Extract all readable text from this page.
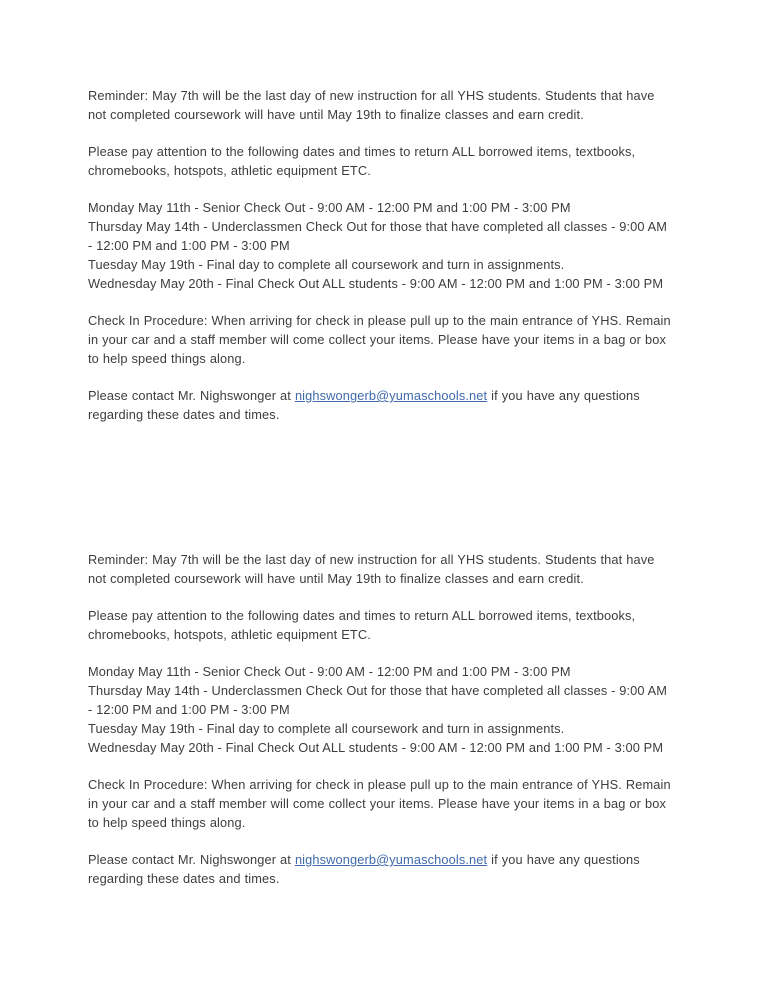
Reminder: May 7th will be the last day of new instruction for all YHS students. Students that have not completed coursework will have until May 19th to finalize classes and earn credit.

Please pay attention to the following dates and times to return ALL borrowed items, textbooks, chromebooks, hotspots, athletic equipment ETC.

Monday May 11th - Senior Check Out - 9:00 AM - 12:00 PM and 1:00 PM - 3:00 PM
Thursday May 14th - Underclassmen Check Out for those that have completed all classes - 9:00 AM - 12:00 PM and 1:00 PM - 3:00 PM
Tuesday May 19th - Final day to complete all coursework and turn in assignments.
Wednesday May 20th - Final Check Out ALL students - 9:00 AM - 12:00 PM and 1:00 PM - 3:00 PM

Check In Procedure: When arriving for check in please pull up to the main entrance of YHS. Remain in your car and a staff member will come collect your items. Please have your items in a bag or box to help speed things along.

Please contact Mr. Nighswonger at nighswongerb@yumaschools.net if you have any questions regarding these dates and times.

Reminder: May 7th will be the last day of new instruction for all YHS students. Students that have not completed coursework will have until May 19th to finalize classes and earn credit.

Please pay attention to the following dates and times to return ALL borrowed items, textbooks, chromebooks, hotspots, athletic equipment ETC.

Monday May 11th - Senior Check Out - 9:00 AM - 12:00 PM and 1:00 PM - 3:00 PM
Thursday May 14th - Underclassmen Check Out for those that have completed all classes - 9:00 AM - 12:00 PM and 1:00 PM - 3:00 PM
Tuesday May 19th - Final day to complete all coursework and turn in assignments.
Wednesday May 20th - Final Check Out ALL students - 9:00 AM - 12:00 PM and 1:00 PM - 3:00 PM

Check In Procedure: When arriving for check in please pull up to the main entrance of YHS. Remain in your car and a staff member will come collect your items. Please have your items in a bag or box to help speed things along.

Please contact Mr. Nighswonger at nighswongerb@yumaschools.net if you have any questions regarding these dates and times.
